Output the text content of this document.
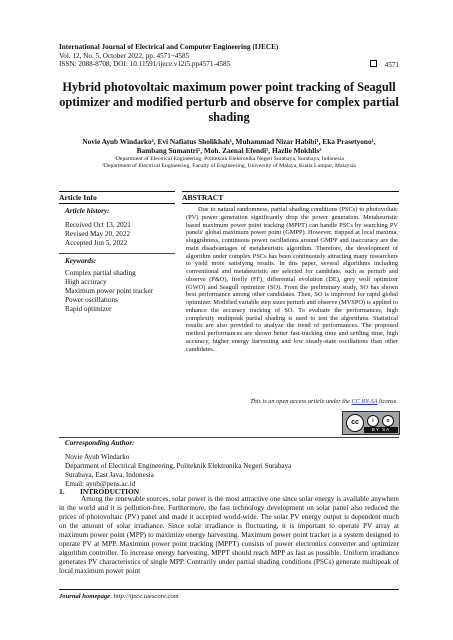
International Journal of Electrical and Computer Engineering (IJECE)
Vol. 12, No. 5, October 2022, pp. 4571~4585
ISSN: 2088-8708, DOI: 10.11591/ijece.v12i5.pp4571-4585	4571
Hybrid photovoltaic maximum power point tracking of Seagull optimizer and modified perturb and observe for complex partial shading
Novie Ayub Windarko¹, Evi Nafiatus Sholikhah¹, Muhammad Nizar Habibi¹, Eka Prasetyono¹,
Bambang Sumantri¹, Moh. Zaenal Efendi¹, Hazlie Mokhlis²
¹Department of Electrical Engineering, Politeknik Elektronika Negeri Surabaya, Surabaya, Indonesia
²Department of Electrical Engineering, Faculty of Engineering, University of Malaya, Kuala Lumpur, Malaysia
Article Info	ABSTRACT
Article history:
Received Oct 13, 2021
Revised May 20, 2022
Accepted Jun 5, 2022
Keywords:
Complex partial shading
High accuracy
Maximum power point tracker
Power oscillations
Rapid optimizer

Due to natural randomness, partial shading conditions (PSCs) to photovoltaic (PV) power generation significantly drop the power generation. Metaheuristic based maximum power point tracking (MPPT) can handle PSCs by searching PV panels' global maximum power point (GMPP). However, trapped at local maxima, sluggishness, continuous power oscillations around GMPP and inaccuracy are the main disadvantages of metaheuristic algorithm. Therefore, the development of algorithm under complex PSCs has been continuously attracting many researchers to yield more satisfying results. In this paper, several algorithms including conventional and metaheuristic are selected for candidate, such as perturb and observe (P&O), firefly (FF), differential evolution (DE), grey wolf optimizer (GWO) and Seagull optimizer (SO). From the preliminary study, SO has shown best performance among other candidates. Then, SO is improved for rapid global optimizer. Modified variable step sizes perturb and observe (MVSPO) is applied to enhance the accuracy tracking of SO. To evaluate the performances, high complexity multipeak partial shading is used to test the algorithms. Statistical results are also provided to analyze the trend of performances. The proposed method performances are shown better fast-tracking time and settling time, high accuracy, higher energy harvesting and low steady-state oscillations than other candidates.

This is an open access article under the CC BY-SA license.
cc	i	o
BY SA
Corresponding Author:
Novie Ayub Windarko
Department of Electrical Engineering, Politeknik Elektronika Negeri Surabaya
Surabaya, East Java, Indonesia
Email: ayub@pens.ac.id
1. INTRODUCTION

Among the renewable sources, solar power is the most attractive one since solar energy is available anywhere in the world and it is pollution-free. Furthermore, the fast technology development on solar panel also reduced the prices of photovoltaic (PV) panel and made it accepted world-wide. The solar PV energy output is dependent much on the amount of solar irradiance. Since solar irradiance is fluctuating, it is important to operate PV array at maximum power point (MPP) to maximize energy harvesting. Maximum power point tracker is a system designed to operate PV at MPP. Maximum power point tracking (MPPT) consists of power electronics converter and optimizer algorithm controller. To increase energy harvesting, MPPT should reach MPP as fast as possible. Uniform irradiance generates PV characteristics of single MPP. Contrarily under partial shading conditions (PSCs) generate multipeak of local maximum power point

Journal homepage: http://ijece.iaescore.com
